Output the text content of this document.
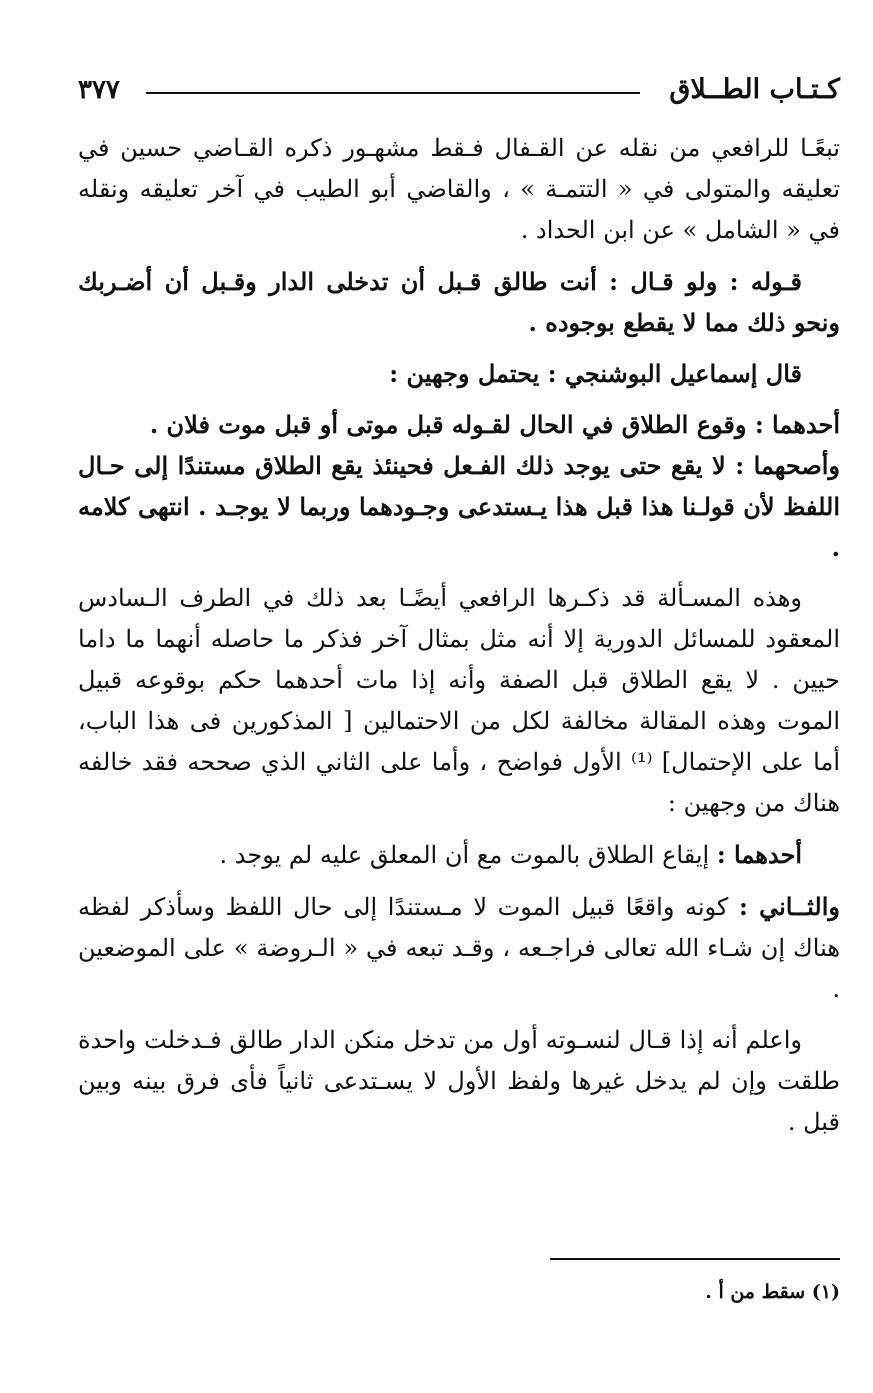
٣٧٧	كـتـاب الطــلاق

تبعًـا للرافعي من نقله عن القـفال فـقط مشهـور ذكره القـاضي حسين في تعليقه والمتولى في « التتمـة » ، والقاضي أبو الطيب في آخر تعليقه ونقله في « الشامل » عن ابن الحداد .

قـوله : ولو قـال : أنت طالق قـبل أن تدخلى الدار وقـبل أن أضـربك ونحو ذلك مما لا يقطع بوجوده .

قال إسماعيل البوشنجي : يحتمل وجهين :

أحدهما : وقوع الطلاق في الحال لقـوله قبل موتى أو قبل موت فلان .

وأصحهما : لا يقع حتى يوجد ذلك الفـعل فحينئذ يقع الطلاق مستندًا إلى حـال اللفظ لأن قولـنا هذا قبل هذا يـستدعى وجـودهما وربما لا يوجـد . انتهى كلامه .

وهذه المسـألة قد ذكـرها الرافعي أيضًـا بعد ذلك في الطرف الـسادس المعقود للمسائل الدورية إلا أنه مثل بمثال آخر فذكر ما حاصله أنهما ما داما حيين . لا يقع الطلاق قبل الصفة وأنه إذا مات أحدهما حكم بوقوعه قبيل الموت وهذه المقالة مخالفة لكل من الاحتمالين [ المذكورين فى هذا الباب، أما على الإحتمال] ⁽¹⁾ الأول فواضح ، وأما على الثاني الذي صححه فقد خالفه هناك من وجهين :

أحدهما : إيقاع الطلاق بالموت مع أن المعلق عليه لم يوجد .

والثــاني : كونه واقعًا قبيل الموت لا مـستندًا إلى حال اللفظ وسأذكر لفظه هناك إن شـاء الله تعالى فراجـعه ، وقـد تبعه في « الـروضة » على الموضعين .

واعلم أنه إذا قـال لنسـوته أول من تدخل منكن الدار طالق فـدخلت واحدة طلقت وإن لم يدخل غيرها ولفظ الأول لا يسـتدعى ثانياً فأى فرق بينه وبين قبل .

(١) سقط من أ .
